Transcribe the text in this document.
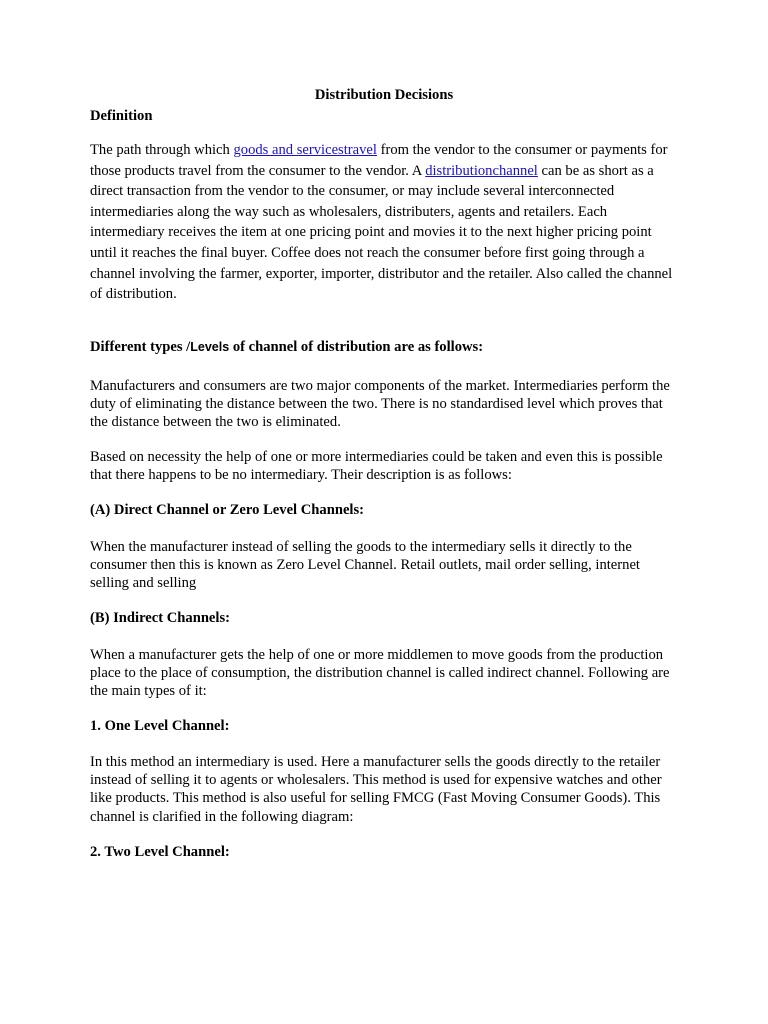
Distribution Decisions
Definition
The path through which goods and servicestravel from the vendor to the consumer or payments for those products travel from the consumer to the vendor. A distributionchannel can be as short as a direct transaction from the vendor to the consumer, or may include several interconnected intermediaries along the way such as wholesalers, distributers, agents and retailers. Each intermediary receives the item at one pricing point and movies it to the next higher pricing point until it reaches the final buyer. Coffee does not reach the consumer before first going through a channel involving the farmer, exporter, importer, distributor and the retailer. Also called the channel of distribution.
Different types /Levels of channel of distribution are as follows:
Manufacturers and consumers are two major components of the market. Intermediaries perform the duty of eliminating the distance between the two. There is no standardised level which proves that the distance between the two is eliminated.
Based on necessity the help of one or more intermediaries could be taken and even this is possible that there happens to be no intermediary. Their description is as follows:
(A) Direct Channel or Zero Level Channels:
When the manufacturer instead of selling the goods to the intermediary sells it directly to the consumer then this is known as Zero Level Channel. Retail outlets, mail order selling, internet selling and selling
(B) Indirect Channels:
When a manufacturer gets the help of one or more middlemen to move goods from the production place to the place of consumption, the distribution channel is called indirect channel. Following are the main types of it:
1. One Level Channel:
In this method an intermediary is used. Here a manufacturer sells the goods directly to the retailer instead of selling it to agents or wholesalers. This method is used for expensive watches and other like products. This method is also useful for selling FMCG (Fast Moving Consumer Goods). This channel is clarified in the following diagram:
2. Two Level Channel:
